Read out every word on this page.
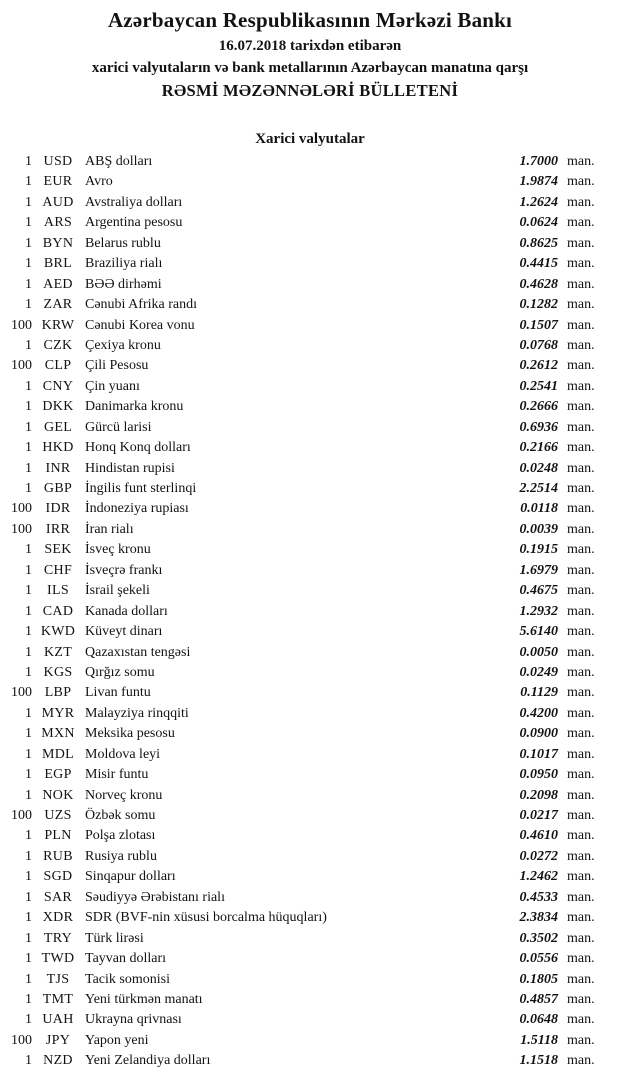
Azərbaycan Respublikasının Mərkəzi Bankı
16.07.2018 tarixdən etibarən
xarici valyutaların və bank metallarının Azərbaycan manatına qarşı
RƏSMİ MƏZƏNNƏLƏRİ BÜLLETENİ
Xarici valyutalar
1 USD ABŞ dolları	1.7000 man.
1 EUR Avro	1.9874 man.
1 AUD Avstraliya dolları	1.2624 man.
1 ARS Argentina pesosu	0.0624 man.
1 BYN Belarus rublu	0.8625 man.
1 BRL Braziliya rialı	0.4415 man.
1 AED BƏƏ dirhəmi	0.4628 man.
1 ZAR Cənubi Afrika randı	0.1282 man.
100 KRW Cənubi Korea vonu	0.1507 man.
1 CZK Çexiya kronu	0.0768 man.
100 CLP Çili Pesosu	0.2612 man.
1 CNY Çin yuanı	0.2541 man.
1 DKK Danimarka kronu	0.2666 man.
1 GEL Gürcü larisi	0.6936 man.
1 HKD Honq Konq dolları	0.2166 man.
1 INR	Hindistan rupisi	0.0248 man.
1 GBP İngilis funt sterlinqi	2.2514 man.
100 IDR	İndoneziya rupiası	0.0118 man.
100 IRR	İran rialı	0.0039 man.
1 SEK İsveç kronu	0.1915 man.
1 CHF İsveçrə frankı	1.6979 man.
1	ILS	İsrail şekeli	0.4675 man.
1 CAD Kanada dolları	1.2932 man.
1 KWD Küveyt dinarı	5.6140 man.
1 KZT Qazaxıstan tengəsi	0.0050 man.
1 KGS Qırğız somu	0.0249 man.
100 LBP Livan funtu	0.1129 man.
1 MYR Malayziya rinqqiti	0.4200 man.
1 MXN Meksika pesosu	0.0900 man.
1 MDL Moldova leyi	0.1017 man.
1 EGP Misir funtu	0.0950 man.
1 NOK Norveç kronu	0.2098 man.
100 UZS Özbək somu	0.0217 man.
1 PLN Polşa zlotası	0.4610 man.
1 RUB Rusiya rublu	0.0272 man.
1 SGD Sinqapur dolları	1.2462 man.
1 SAR Səudiyyə Ərəbistanı rialı	0.4533 man.
1 XDR SDR (BVF-nin xüsusi borcalma hüquqları)	2.3834 man.
1 TRY Türk lirəsi	0.3502 man.
1 TWD Tayvan dolları	0.0556 man.
1	TJS	Tacik somonisi	0.1805 man.
1 TMT Yeni türkmən manatı	0.4857 man.
1 UAH Ukrayna qrivnası	0.0648 man.
100 JPY	Yapon yeni	1.5118 man.
1 NZD Yeni Zelandiya dolları	1.1518 man.
